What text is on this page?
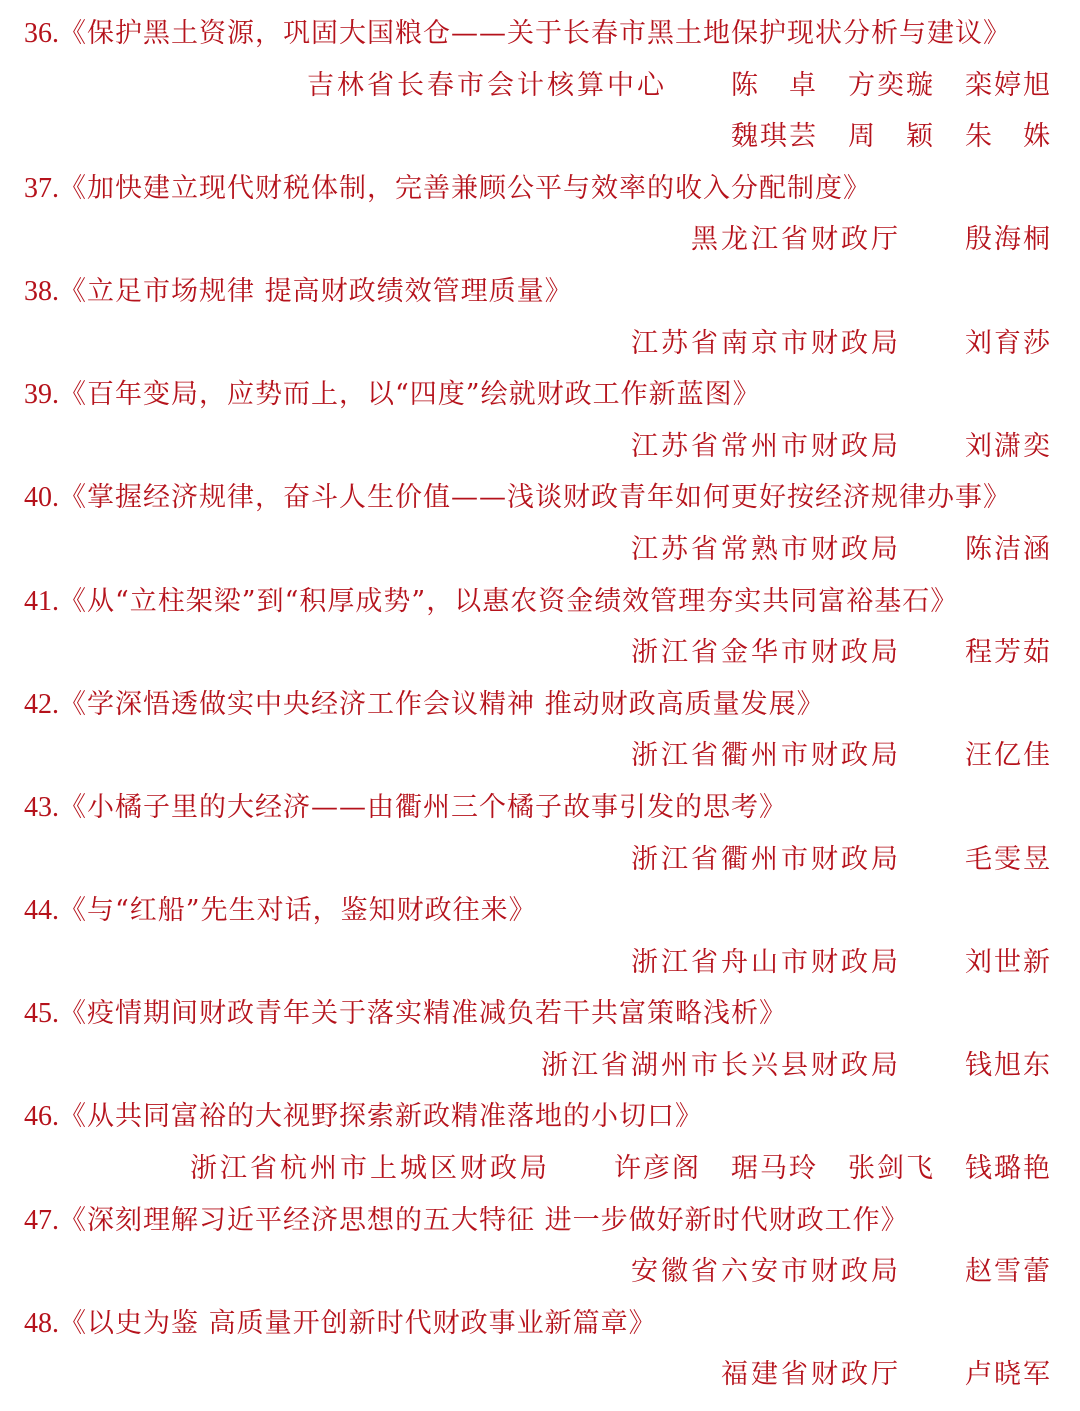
36.《保护黑土资源，巩固大国粮仓——关于长春市黑土地保护现状分析与建议》
吉林省长春市会计核算中心 陈　卓 方奕璇 栾婷旭
魏琪芸 周　颖 朱　姝
37.《加快建立现代财税体制，完善兼顾公平与效率的收入分配制度》
黑龙江省财政厅 殷海桐
38.《立足市场规律 提高财政绩效管理质量》
江苏省南京市财政局 刘育莎
39.《百年变局，应势而上，以“四度”绘就财政工作新蓝图》
江苏省常州市财政局 刘潇奕
40.《掌握经济规律，奋斗人生价值——浅谈财政青年如何更好按经济规律办事》
江苏省常熟市财政局 陈洁涵
41.《从“立柱架梁”到“积厚成势”，以惠农资金绩效管理夯实共同富裕基石》
浙江省金华市财政局 程芳茹
42.《学深悟透做实中央经济工作会议精神 推动财政高质量发展》
浙江省衢州市财政局 汪亿佳
43.《小橘子里的大经济——由衢州三个橘子故事引发的思考》
浙江省衢州市财政局 毛雯昱
44.《与“红船”先生对话，鉴知财政往来》
浙江省舟山市财政局 刘世新
45.《疫情期间财政青年关于落实精准减负若干共富策略浅析》
浙江省湖州市长兴县财政局 钱旭东
46.《从共同富裕的大视野探索新政精准落地的小切口》
浙江省杭州市上城区财政局 许彦阁 琚马玲 张剑飞 钱璐艳
47.《深刻理解习近平经济思想的五大特征 进一步做好新时代财政工作》
安徽省六安市财政局 赵雪蕾
48.《以史为鉴 高质量开创新时代财政事业新篇章》
福建省财政厅 卢晓军
